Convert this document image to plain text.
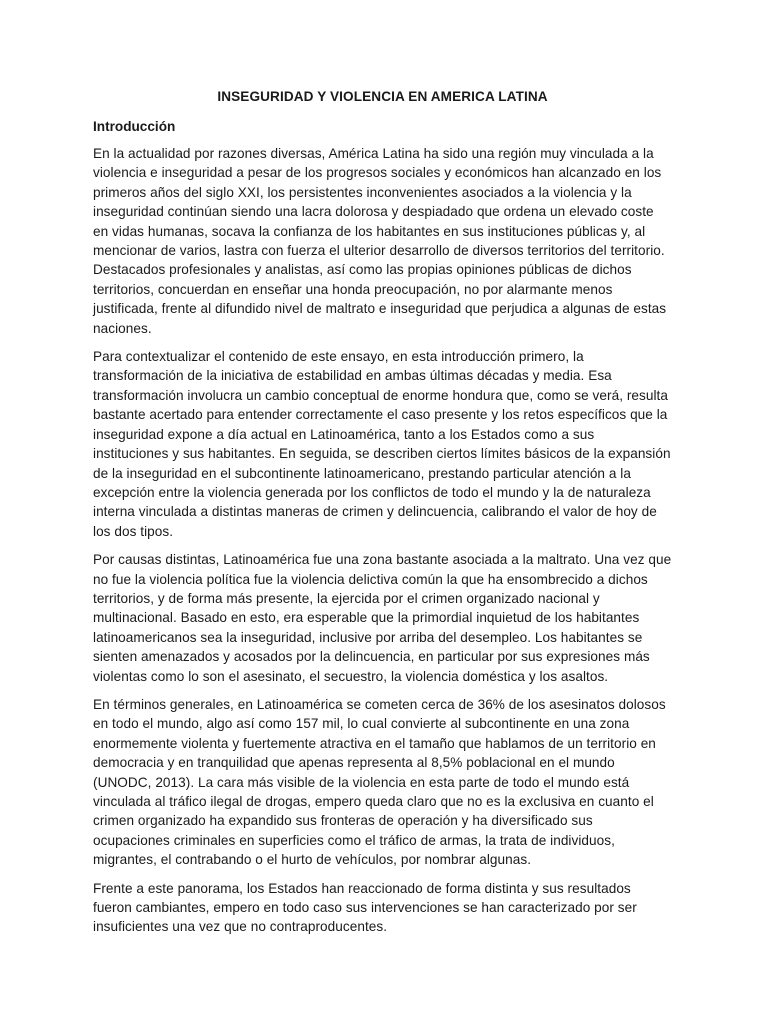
INSEGURIDAD Y VIOLENCIA EN AMERICA LATINA
Introducción

En la actualidad por razones diversas, América Latina ha sido una región muy vinculada a la violencia e inseguridad a pesar de los progresos sociales y económicos han alcanzado en los primeros años del siglo XXI, los persistentes inconvenientes asociados a la violencia y la inseguridad continúan siendo una lacra dolorosa y despiadado que ordena un elevado coste en vidas humanas, socava la confianza de los habitantes en sus instituciones públicas y, al mencionar de varios, lastra con fuerza el ulterior desarrollo de diversos territorios del territorio. Destacados profesionales y analistas, así como las propias opiniones públicas de dichos territorios, concuerdan en enseñar una honda preocupación, no por alarmante menos justificada, frente al difundido nivel de maltrato e inseguridad que perjudica a algunas de estas naciones.

Para contextualizar el contenido de este ensayo, en esta introducción primero, la transformación de la iniciativa de estabilidad en ambas últimas décadas y media. Esa transformación involucra un cambio conceptual de enorme hondura que, como se verá, resulta bastante acertado para entender correctamente el caso presente y los retos específicos que la inseguridad expone a día actual en Latinoamérica, tanto a los Estados como a sus instituciones y sus habitantes. En seguida, se describen ciertos límites básicos de la expansión de la inseguridad en el subcontinente latinoamericano, prestando particular atención a la excepción entre la violencia generada por los conflictos de todo el mundo y la de naturaleza interna vinculada a distintas maneras de crimen y delincuencia, calibrando el valor de hoy de los dos tipos.

Por causas distintas, Latinoamérica fue una zona bastante asociada a la maltrato. Una vez que no fue la violencia política fue la violencia delictiva común la que ha ensombrecido a dichos territorios, y de forma más presente, la ejercida por el crimen organizado nacional y multinacional. Basado en esto, era esperable que la primordial inquietud de los habitantes latinoamericanos sea la inseguridad, inclusive por arriba del desempleo. Los habitantes se sienten amenazados y acosados por la delincuencia, en particular por sus expresiones más violentas como lo son el asesinato, el secuestro, la violencia doméstica y los asaltos.

En términos generales, en Latinoamérica se cometen cerca de 36% de los asesinatos dolosos en todo el mundo, algo así como 157 mil, lo cual convierte al subcontinente en una zona enormemente violenta y fuertemente atractiva en el tamaño que hablamos de un territorio en democracia y en tranquilidad que apenas representa al 8,5% poblacional en el mundo (UNODC, 2013). La cara más visible de la violencia en esta parte de todo el mundo está vinculada al tráfico ilegal de drogas, empero queda claro que no es la exclusiva en cuanto el crimen organizado ha expandido sus fronteras de operación y ha diversificado sus ocupaciones criminales en superficies como el tráfico de armas, la trata de individuos, migrantes, el contrabando o el hurto de vehículos, por nombrar algunas.

Frente a este panorama, los Estados han reaccionado de forma distinta y sus resultados fueron cambiantes, empero en todo caso sus intervenciones se han caracterizado por ser insuficientes una vez que no contraproducentes.
